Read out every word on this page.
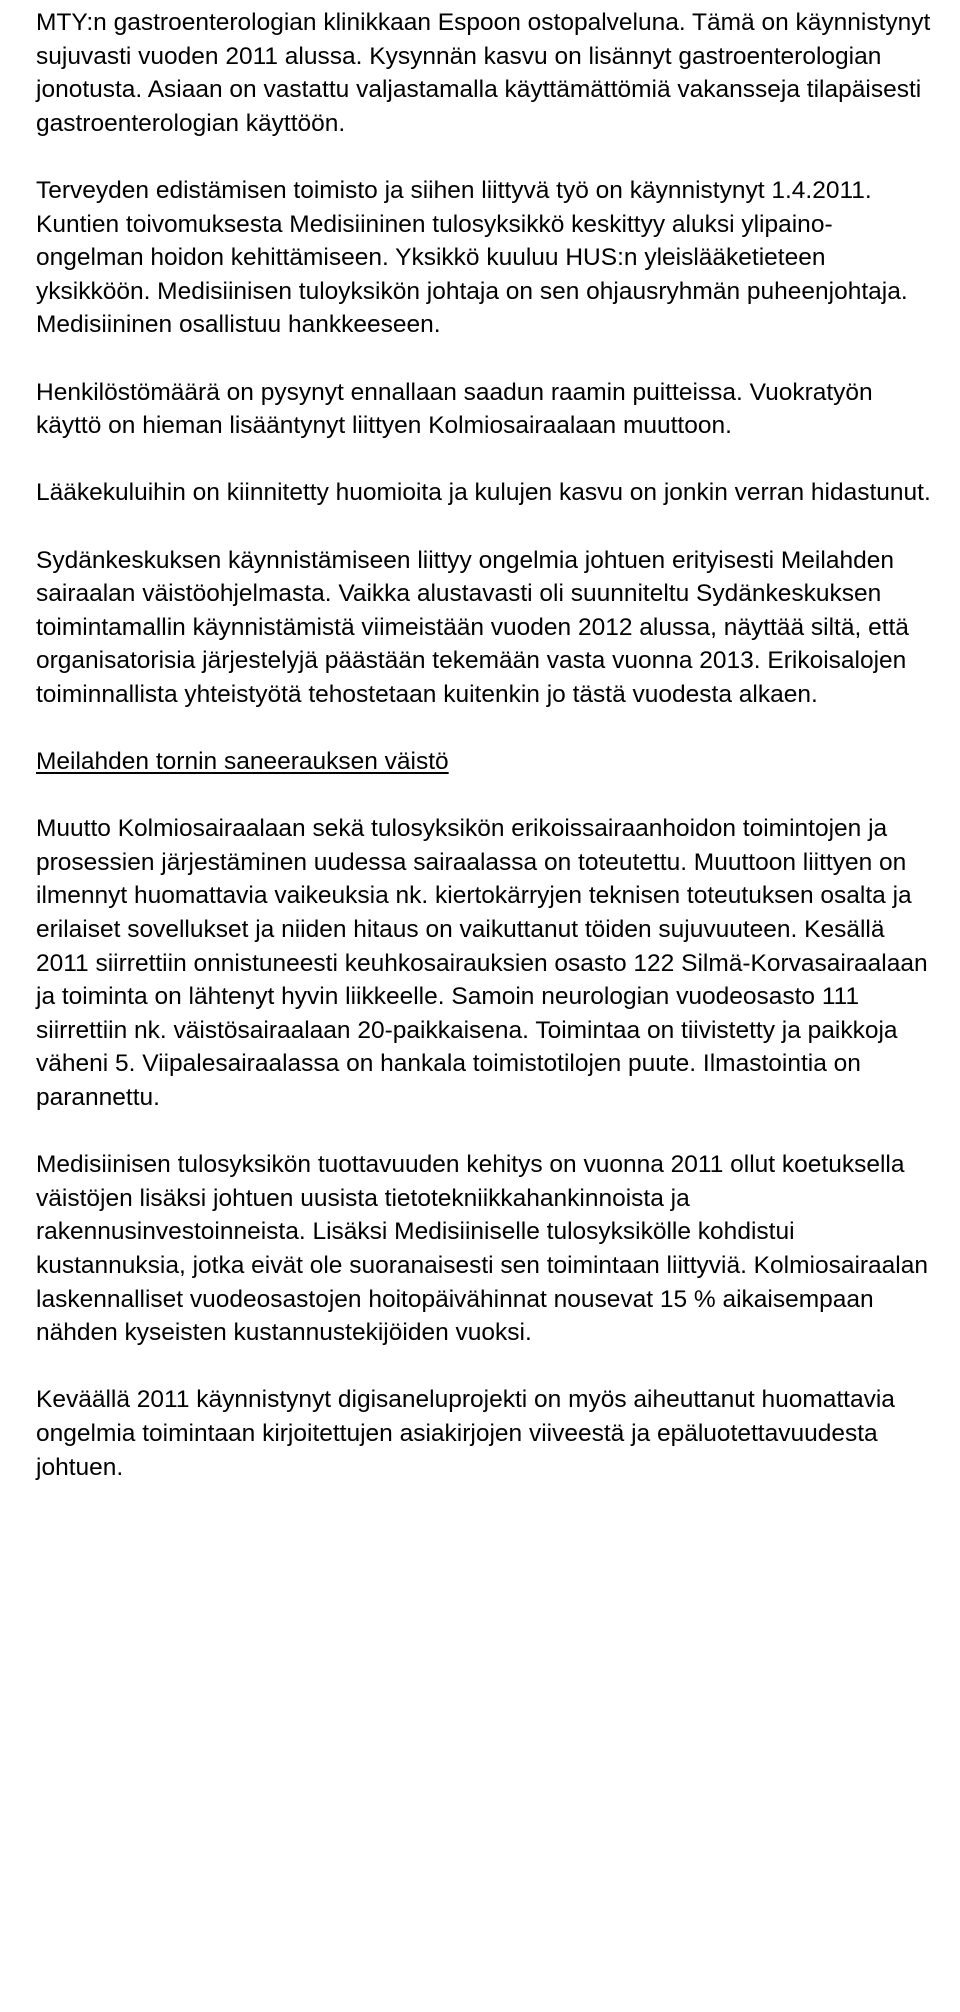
MTY:n gastroenterologian klinikkaan Espoon ostopalveluna. Tämä on käynnistynyt sujuvasti vuoden 2011 alussa. Kysynnän kasvu on lisännyt gastroenterologian jonotusta. Asiaan on vastattu valjastamalla käyttämättömiä vakansseja tilapäisesti gastroenterologian käyttöön.

Terveyden edistämisen toimisto ja siihen liittyvä työ on käynnistynyt 1.4.2011. Kuntien toivomuksesta Medisiininen tulosyksikkö keskittyy aluksi ylipaino-ongelman hoidon kehittämiseen. Yksikkö kuuluu HUS:n yleislääketieteen yksikköön. Medisiinisen tuloyksikön johtaja on sen ohjausryhmän puheenjohtaja. Medisiininen osallistuu hankkeeseen.

Henkilöstömäärä on pysynyt ennallaan saadun raamin puitteissa. Vuokratyön käyttö on hieman lisääntynyt liittyen Kolmiosairaalaan muuttoon.

Lääkekuluihin on kiinnitetty huomioita ja kulujen kasvu on jonkin verran hidastunut.

Sydänkeskuksen käynnistämiseen liittyy ongelmia johtuen erityisesti Meilahden sairaalan väistöohjelmasta. Vaikka alustavasti oli suunniteltu Sydänkeskuksen toimintamallin käynnistämistä viimeistään vuoden 2012 alussa, näyttää siltä, että organisatorisia järjestelyjä päästään tekemään vasta vuonna 2013. Erikoisalojen toiminnallista yhteistyötä tehostetaan kuitenkin jo tästä vuodesta alkaen.

Meilahden tornin saneerauksen väistö

Muutto Kolmiosairaalaan sekä tulosyksikön erikoissairaanhoidon toimintojen ja prosessien järjestäminen uudessa sairaalassa on toteutettu. Muuttoon liittyen on ilmennyt huomattavia vaikeuksia nk. kiertokärryjen teknisen toteutuksen osalta ja erilaiset sovellukset ja niiden hitaus on vaikuttanut töiden sujuvuuteen. Kesällä 2011 siirrettiin onnistuneesti keuhkosairauksien osasto 122 Silmä-Korvasairaalaan ja toiminta on lähtenyt hyvin liikkeelle. Samoin neurologian vuodeosasto 111 siirrettiin nk. väistösairaalaan 20-paikkaisena. Toimintaa on tiivistetty ja paikkoja väheni 5. Viipalesairaalassa on hankala toimistotilojen puute. Ilmastointia on parannettu.

Medisiinisen tulosyksikön tuottavuuden kehitys on vuonna 2011 ollut koetuksella väistöjen lisäksi johtuen uusista tietotekniikkahankinnoista ja rakennusinvestoinneista. Lisäksi Medisiiniselle tulosyksikölle kohdistui kustannuksia, jotka eivät ole suoranaisesti sen toimintaan liittyviä. Kolmiosairaalan laskennalliset vuodeosastojen hoitopäivähinnat nousevat 15 % aikaisempaan nähden kyseisten kustannustekijöiden vuoksi.

Keväällä 2011 käynnistynyt digisaneluprojekti on myös aiheuttanut huomattavia ongelmia toimintaan kirjoitettujen asiakirjojen viiveestä ja epäluotettavuudesta johtuen.
